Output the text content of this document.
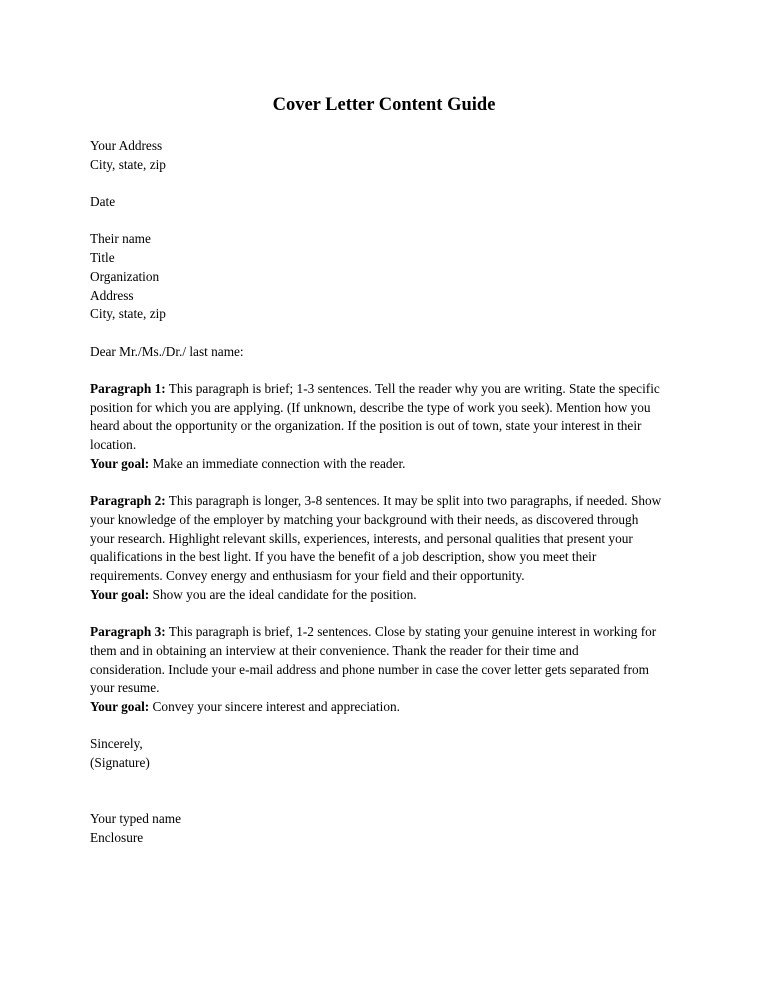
Cover Letter Content Guide
Your Address
City, state, zip
Date
Their name
Title
Organization
Address
City, state, zip
Dear Mr./Ms./Dr./ last name:
Paragraph 1: This paragraph is brief; 1-3 sentences. Tell the reader why you are writing. State the specific
position for which you are applying. (If unknown, describe the type of work you seek). Mention how you
heard about the opportunity or the organization. If the position is out of town, state your interest in their
location.
Your goal: Make an immediate connection with the reader.
Paragraph 2: This paragraph is longer, 3-8 sentences. It may be split into two paragraphs, if needed. Show
your knowledge of the employer by matching your background with their needs, as discovered through
your research. Highlight relevant skills, experiences, interests, and personal qualities that present your
qualifications in the best light. If you have the benefit of a job description, show you meet their
requirements. Convey energy and enthusiasm for your field and their opportunity.
Your goal: Show you are the ideal candidate for the position.
Paragraph 3: This paragraph is brief, 1-2 sentences. Close by stating your genuine interest in working for
them and in obtaining an interview at their convenience. Thank the reader for their time and
consideration. Include your e-mail address and phone number in case the cover letter gets separated from
your resume.
Your goal: Convey your sincere interest and appreciation.
Sincerely,
(Signature)
Your typed name
Enclosure
